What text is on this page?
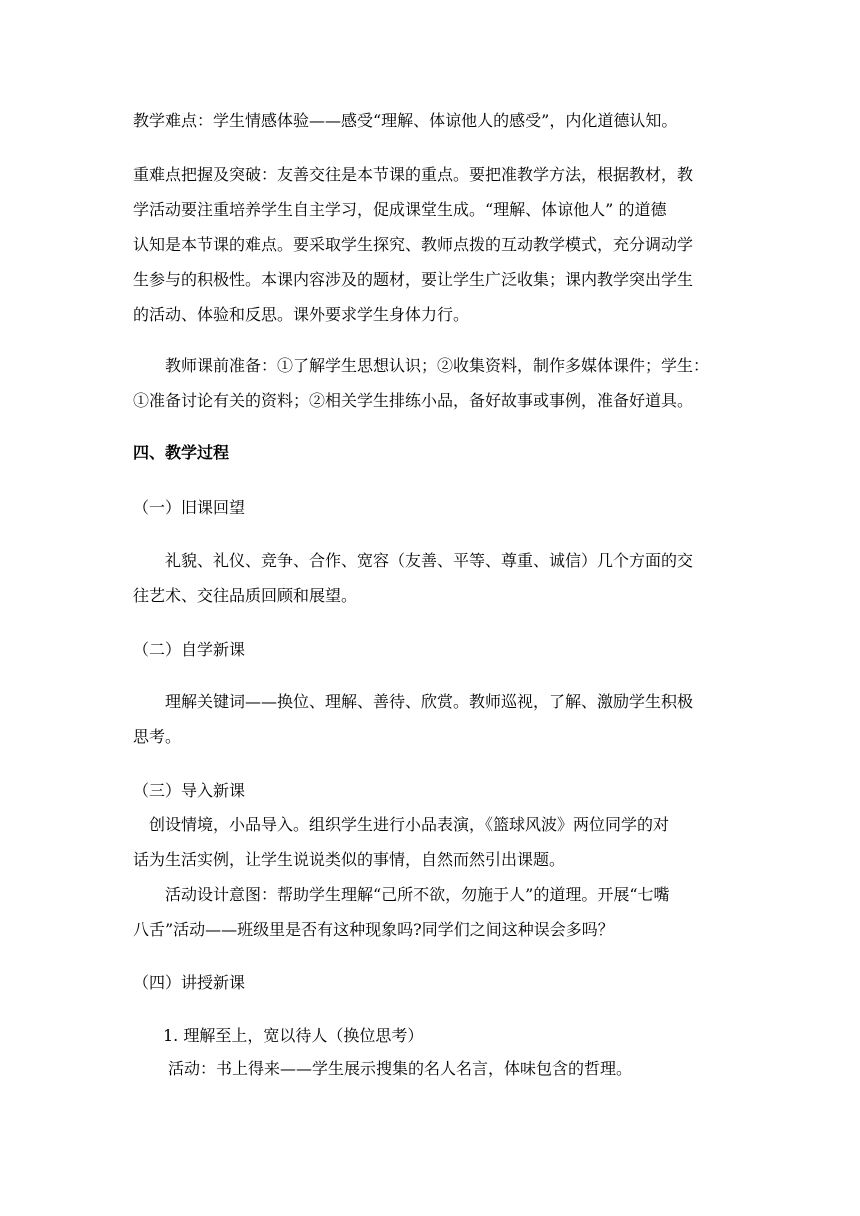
教学难点：学生情感体验——感受“理解、体谅他人的感受”，内化道德认知。

重难点把握及突破：友善交往是本节课的重点。要把准教学方法，根据教材，教

学活动要注重培养学生自主学习，促成课堂生成。“理解、体谅他人” 的道德

认知是本节课的难点。要采取学生探究、教师点拨的互动教学模式，充分调动学

生参与的积极性。本课内容涉及的题材，要让学生广泛收集；课内教学突出学生

的活动、体验和反思。课外要求学生身体力行。

教师课前准备：①了解学生思想认识；②收集资料，制作多媒体课件；学生：

①准备讨论有关的资料；②相关学生排练小品，备好故事或事例，准备好道具。

四、教学过程

（一）旧课回望

礼貌、礼仪、竞争、合作、宽容（友善、平等、尊重、诚信）几个方面的交

往艺术、交往品质回顾和展望。

（二）自学新课

理解关键词——换位、理解、善待、欣赏。教师巡视，了解、激励学生积极

思考。

（三）导入新课

创设情境，小品导入。组织学生进行小品表演，《篮球风波》两位同学的对

话为生活实例，让学生说说类似的事情，自然而然引出课题。

活动设计意图：帮助学生理解“己所不欲，勿施于人”的道理。开展“七嘴

八舌”活动——班级里是否有这种现象吗?同学们之间这种误会多吗？

（四）讲授新课

1. 理解至上，宽以待人（换位思考）

活动：书上得来——学生展示搜集的名人名言，体味包含的哲理。
